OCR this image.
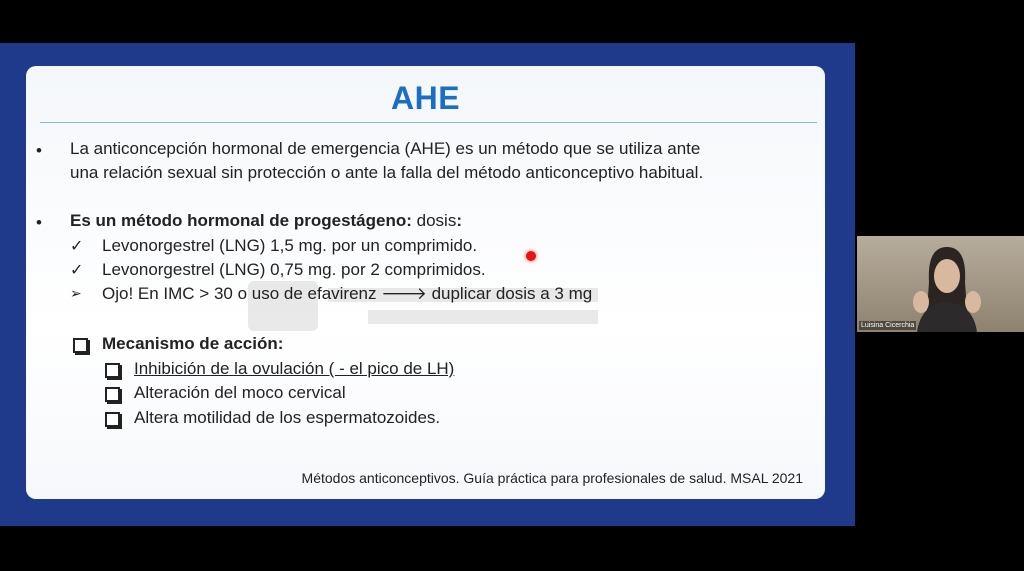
AHE
• La anticoncepción hormonal de emergencia (AHE) es un método que se utiliza ante
una relación sexual sin protección o ante la falla del método anticonceptivo habitual.
• Es un método hormonal de progestágeno: dosis:
✓ Levonorgestrel (LNG) 1,5 mg. por un comprimido.
✓ Levonorgestrel (LNG) 0,75 mg. por 2 comprimidos.
➢ Ojo! En IMC > 30 o uso de efavirenz 🡒 duplicar dosis a 3 mg
Mecanismo de acción:
Inhibición de la ovulación ( - el pico de LH)
Alteración del moco cervical
Altera motilidad de los espermatozoides.
Métodos anticonceptivos. Guía práctica para profesionales de salud. MSAL 2021
Luisina Cicerchia
